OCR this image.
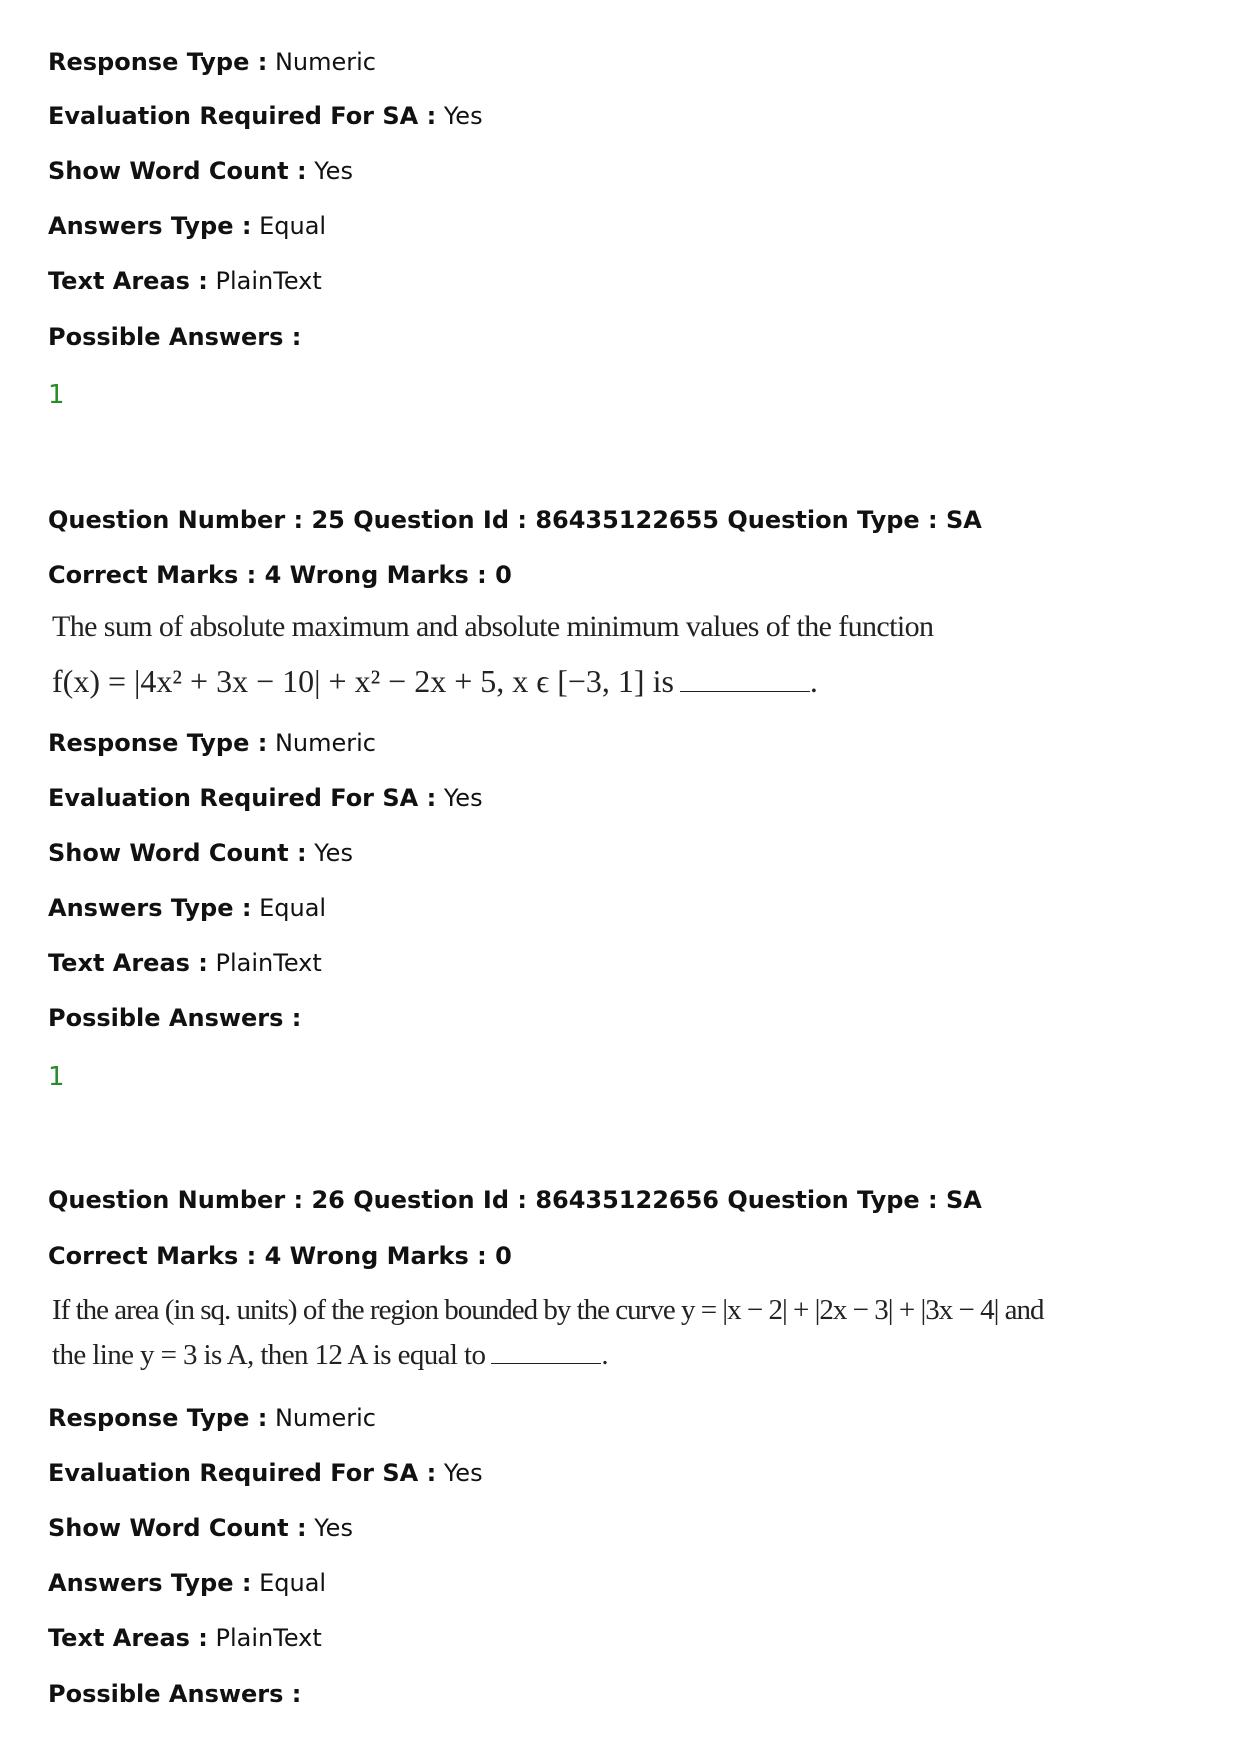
Response Type : Numeric
Evaluation Required For SA : Yes
Show Word Count : Yes
Answers Type : Equal
Text Areas : PlainText
Possible Answers :
1
Question Number : 25 Question Id : 86435122655 Question Type : SA
Correct Marks : 4 Wrong Marks : 0
The sum of absolute maximum and absolute minimum values of the function
f(x) = |4x² + 3x − 10| + x² − 2x + 5, x ϵ [−3, 1] is	.
Response Type : Numeric
Evaluation Required For SA : Yes
Show Word Count : Yes
Answers Type : Equal
Text Areas : PlainText
Possible Answers :
1
Question Number : 26 Question Id : 86435122656 Question Type : SA
Correct Marks : 4 Wrong Marks : 0
If the area (in sq. units) of the region bounded by the curve y = |x − 2| + |2x − 3| + |3x − 4| and
the line y = 3 is A, then 12 A is equal to	.
Response Type : Numeric
Evaluation Required For SA : Yes
Show Word Count : Yes
Answers Type : Equal
Text Areas : PlainText
Possible Answers :
